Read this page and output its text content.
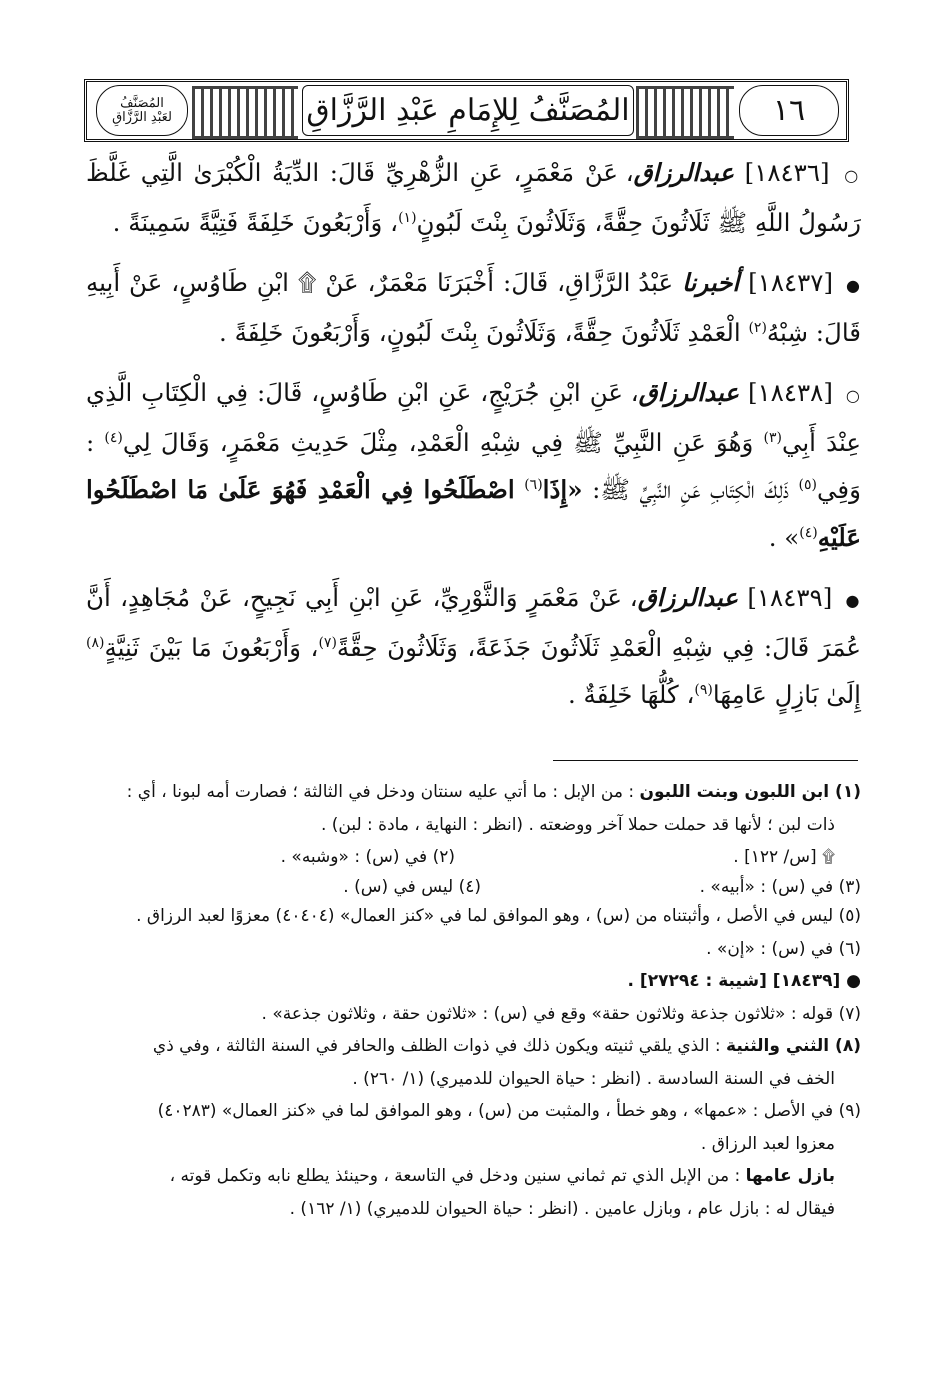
المُصَنَّفُ
لعَبْدِ الرَّزَّاقِ	المُصَنَّفُ لِلإِمَامِ عَبْدِ الرَّزَّاقِ	١٦

○ [١٨٤٣٦] عبدالرزاق، عَنْ مَعْمَرٍ، عَنِ الزُّهْرِيِّ قَالَ: الدِّيَةُ الْكُبْرَىٰ الَّتِي غَلَّظَ رَسُولُ اللَّهِ ﷺ ثَلَاثُونَ حِقَّةً، وَثَلَاثُونَ بِنْتَ لَبُونٍ$^{(١)}$، وَأَرْبَعُونَ خَلِفَةً فَتِيَّةً سَمِينَةً .

● [١٨٤٣٧] أخبرنا عَبْدُ الرَّزَّاقِ، قَالَ: أَخْبَرَنَا مَعْمَرٌ، عَنْ ۩ ابْنِ طَاوُسٍ، عَنْ أَبِيهِ قَالَ: شِبْهُ$^{(٢)}$ الْعَمْدِ ثَلَاثُونَ حِقَّةً، وَثَلَاثُونَ بِنْتَ لَبُونٍ، وَأَرْبَعُونَ خَلِفَةً .

○ [١٨٤٣٨] عبدالرزاق، عَنِ ابْنِ جُرَيْجٍ، عَنِ ابْنِ طَاوُسٍ، قَالَ: فِي الْكِتَابِ الَّذِي عِنْدَ أَبِي$^{(٣)}$ وَهُوَ عَنِ النَّبِيِّ ﷺ فِي شِبْهِ الْعَمْدِ، مِثْلَ حَدِيثِ مَعْمَرٍ، وَقَالَ لِي$^{(٤)}$ : وَفِي$^{(٥)}$ ذَلِكَ الْكِتَابِ عَنِ النَّبِيِّ ﷺ: «إِذَا$^{(٦)}$ اصْطَلَحُوا فِي الْعَمْدِ فَهُوَ عَلَىٰ مَا اصْطَلَحُوا عَلَيْهِ$^{(٤)}$» .

● [١٨٤٣٩] عبدالرزاق، عَنْ مَعْمَرٍ وَالثَّوْرِيِّ، عَنِ ابْنِ أَبِي نَجِيحٍ، عَنْ مُجَاهِدٍ، أَنَّ عُمَرَ قَالَ: فِي شِبْهِ الْعَمْدِ ثَلَاثُونَ جَذَعَةً، وَثَلَاثُونَ حِقَّةً$^{(٧)}$، وَأَرْبَعُونَ مَا بَيْنَ ثَنِيَّةٍ$^{(٨)}$ إِلَىٰ بَازِلٍ عَامِهَا$^{(٩)}$، كُلُّهَا خَلِفَةٌ .

(١) ابن اللبون وبنت اللبون : من الإبل : ما أتي عليه سنتان ودخل في الثالثة ؛ فصارت أمه لبونا ، أي :

ذات لبن ؛ لأنها قد حملت حملا آخر ووضعته . (انظر : النهاية ، مادة : لبن) .

۩ [س/ ١٢٢] .
(٢) في (س) : «وشبه» .
(٣) في (س) : «أبيه» .
(٤) ليس في (س) .

(٥) ليس في الأصل ، وأثبتناه من (س) ، وهو الموافق لما في «كنز العمال» (٤٠٤٠٤) معزوًا لعبد الرزاق .

(٦) في (س) : «إن» .

● [١٨٤٣٩] [شيبة : ٢٧٢٩٤] .

(٧) قوله : «ثلاثون جذعة وثلاثون حقة» وقع في (س) : «ثلاثون حقة ، وثلاثون جذعة» .

(٨) الثني والثنية : الذي يلقي ثنيته ويكون ذلك في ذوات الظلف والحافر في السنة الثالثة ، وفي ذي

الخف في السنة السادسة . (انظر : حياة الحيوان للدميري) (١/ ٢٦٠) .

(٩) في الأصل : «عمها» ، وهو خطأ ، والمثبت من (س) ، وهو الموافق لما في «كنز العمال» (٤٠٢٨٣)

معزوا لعبد الرزاق .

بازل عامها : من الإبل الذي تم ثماني سنين ودخل في التاسعة ، وحينئذ يطلع نابه وتكمل قوته ،

فيقال له : بازل عام ، وبازل عامين . (انظر : حياة الحيوان للدميري) (١/ ١٦٢) .
